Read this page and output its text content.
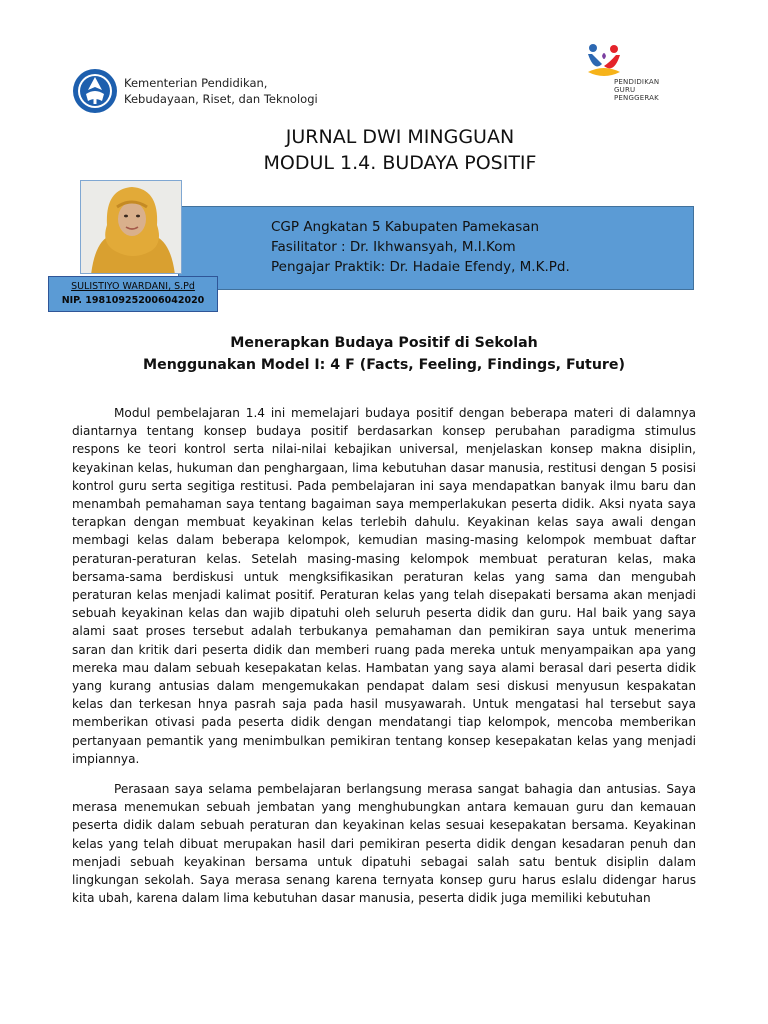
Kementerian Pendidikan,
Kebudayaan, Riset, dan Teknologi
PENDIDIKAN
GURU
PENGGERAK
JURNAL DWI MINGGUAN
MODUL 1.4. BUDAYA POSITIF
CGP Angkatan 5 Kabupaten Pamekasan
Fasilitator : Dr. Ikhwansyah, M.I.Kom
Pengajar Praktik: Dr. Hadaie Efendy, M.K.Pd.
SULISTIYO WARDANI, S.Pd
NIP. 198109252006042020
Menerapkan Budaya Positif di Sekolah
Menggunakan Model I: 4 F (Facts, Feeling, Findings, Future)

Modul pembelajaran 1.4 ini memelajari budaya positif dengan beberapa materi di dalamnya diantarnya tentang konsep budaya positif berdasarkan konsep perubahan paradigma stimulus respons ke teori kontrol serta nilai-nilai kebajikan universal, menjelaskan konsep makna disiplin, keyakinan kelas, hukuman dan penghargaan, lima kebutuhan dasar manusia, restitusi dengan 5 posisi kontrol guru serta segitiga restitusi. Pada pembelajaran ini saya mendapatkan banyak ilmu baru dan menambah pemahaman saya tentang bagaiman saya memperlakukan peserta didik. Aksi nyata saya terapkan dengan membuat keyakinan kelas terlebih dahulu. Keyakinan kelas saya awali dengan membagi kelas dalam beberapa kelompok, kemudian masing-masing kelompok membuat daftar peraturan-peraturan kelas. Setelah masing-masing kelompok membuat peraturan kelas, maka bersama-sama berdiskusi untuk mengksifikasikan peraturan kelas yang sama dan mengubah peraturan kelas menjadi kalimat positif. Peraturan kelas yang telah disepakati bersama akan menjadi sebuah keyakinan kelas dan wajib dipatuhi oleh seluruh peserta didik dan guru. Hal baik yang saya alami saat proses tersebut adalah terbukanya pemahaman dan pemikiran saya untuk menerima saran dan kritik dari peserta didik dan memberi ruang pada mereka untuk menyampaikan apa yang mereka mau dalam sebuah kesepakatan kelas. Hambatan yang saya alami berasal dari peserta didik yang kurang antusias dalam mengemukakan pendapat dalam sesi diskusi menyusun kespakatan kelas dan terkesan hnya pasrah saja pada hasil musyawarah. Untuk mengatasi hal tersebut saya memberikan otivasi pada peserta didik dengan mendatangi tiap kelompok, mencoba memberikan pertanyaan pemantik yang menimbulkan pemikiran tentang konsep kesepakatan kelas yang menjadi impiannya.

Perasaan saya selama pembelajaran berlangsung merasa sangat bahagia dan antusias. Saya merasa menemukan sebuah jembatan yang menghubungkan antara kemauan guru dan kemauan peserta didik dalam sebuah peraturan dan keyakinan kelas sesuai kesepakatan bersama. Keyakinan kelas yang telah dibuat merupakan hasil dari pemikiran peserta didik dengan kesadaran penuh dan menjadi sebuah keyakinan bersama untuk dipatuhi sebagai salah satu bentuk disiplin dalam lingkungan sekolah. Saya merasa senang karena ternyata konsep guru harus eslalu didengar harus kita ubah, karena dalam lima kebutuhan dasar manusia, peserta didik juga memiliki kebutuhan
